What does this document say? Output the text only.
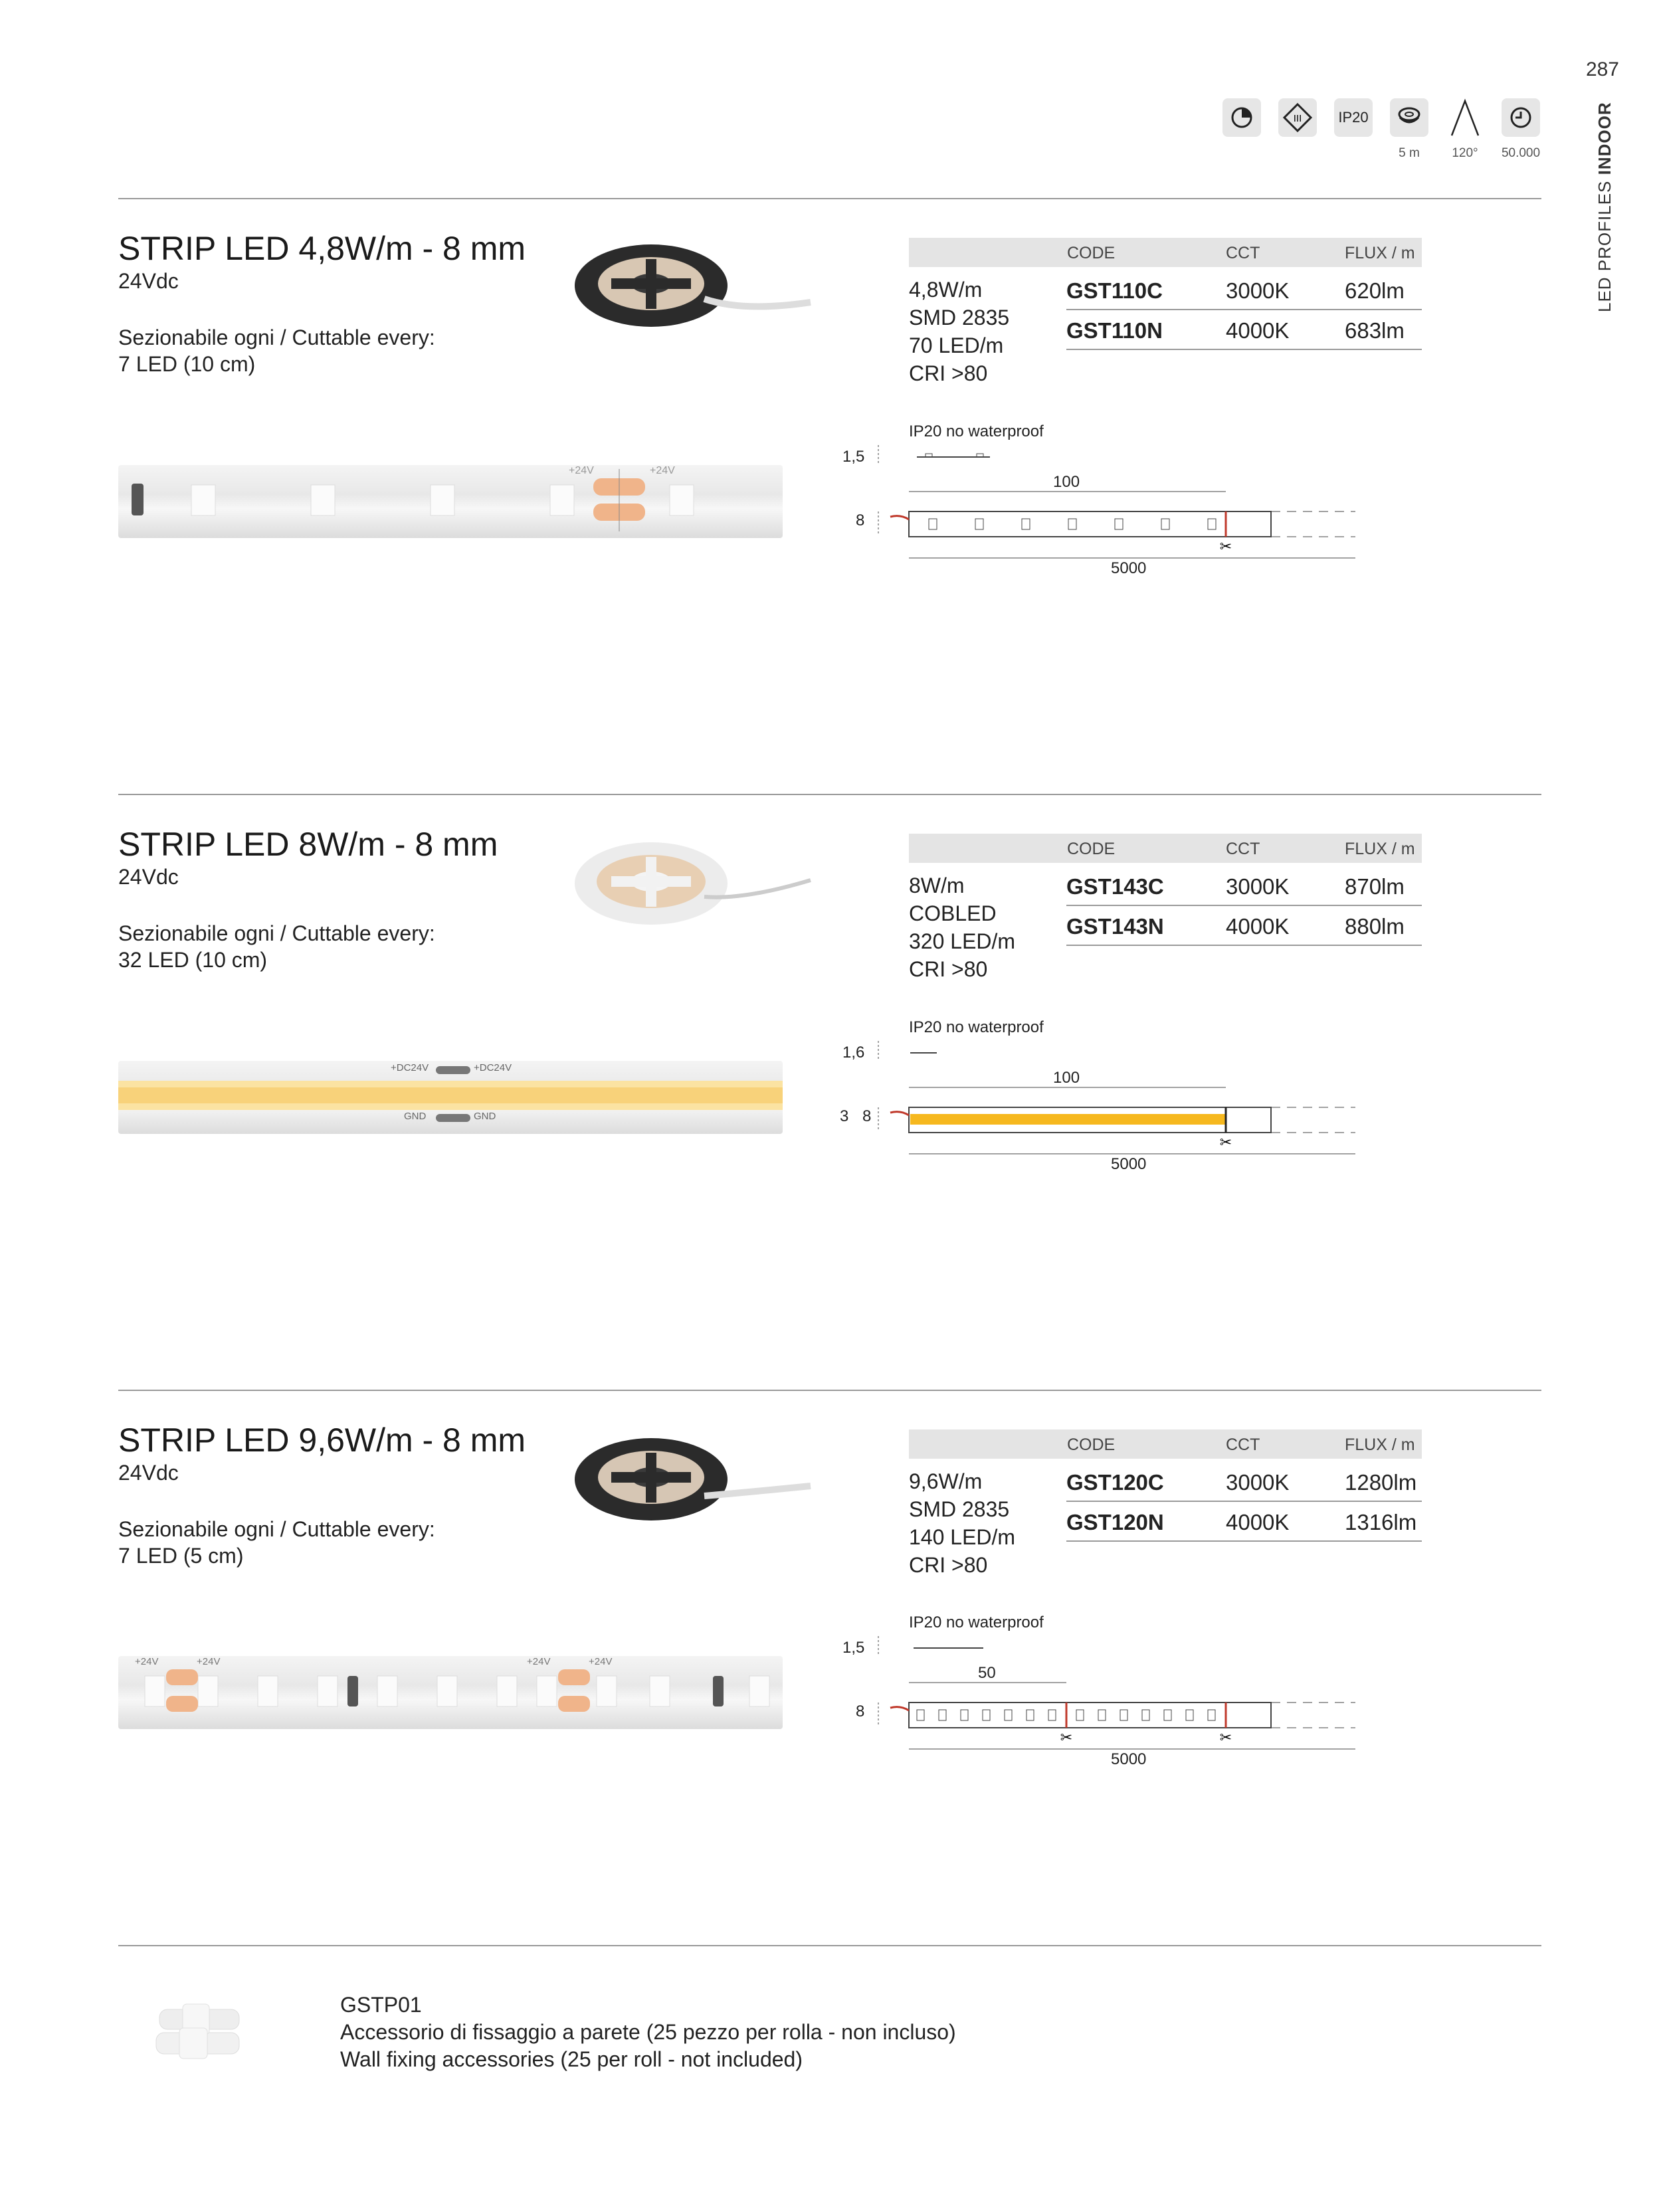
287
LED PROFILES INDOOR
III	IP20
5 m	120°	50.000
STRIP LED 4,8W/m - 8 mm
24Vdc
Sezionabile ogni / Cuttable every:
7 LED (10 cm)
4,8W/m
SMD 2835
70 LED/m
CRI >80
CODE	CCT	FLUX / m
GST110C	3000K	620lm
GST110N	4000K	683lm
+24V	+24V
IP20 no waterproof
1,5
8
100
5000
✂
STRIP LED 8W/m - 8 mm
24Vdc
Sezionabile ogni / Cuttable every:
32 LED (10 cm)
8W/m
COBLED
320 LED/m
CRI >80
CODE	CCT	FLUX / m
GST143C	3000K	870lm
GST143N	4000K	880lm
+DC24V	+DC24V
GND	GND
IP20 no waterproof
1,6
3 8
100
5000
✂
STRIP LED 9,6W/m - 8 mm
24Vdc
Sezionabile ogni / Cuttable every:
7 LED (5 cm)
9,6W/m
SMD 2835
140 LED/m
CRI >80
CODE	CCT	FLUX / m
GST120C	3000K	1280lm
GST120N	4000K	1316lm
+24V	+24V	+24V	+24V
IP20 no waterproof
1,5
8
50
5000
✂	✂
GSTP01
Accessorio di fissaggio a parete (25 pezzo per rolla - non incluso)
Wall fixing accessories (25 per roll - not included)
